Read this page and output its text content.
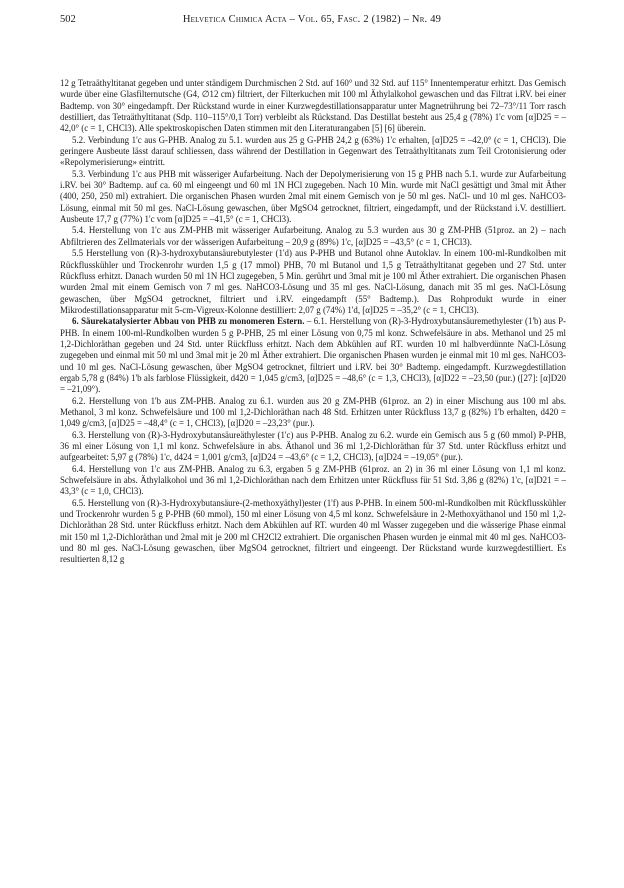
502	Helvetica Chimica Acta – Vol. 65, Fasc. 2 (1982) – Nr. 49

12 g Tetraäthyltitanat gegeben und unter ständigem Durchmischen 2 Std. auf 160° und 32 Std. auf 115° Innentemperatur erhitzt. Das Gemisch wurde über eine Glasfilternutsche (G4, ∅12 cm) filtriert, der Filterkuchen mit 100 ml Äthylalkohol gewaschen und das Filtrat i.RV. bei einer Badtemp. von 30° eingedampft. Der Rückstand wurde in einer Kurzwegdestillationsapparatur unter Magnetrührung bei 72–73°/11 Torr rasch destilliert, das Tetraäthyltitanat (Sdp. 110–115°/0,1 Torr) verbleibt als Rückstand. Das Destillat besteht aus 25,4 g (78%) 1'c vom [α]D25 = –42,0° (c = 1, CHCl3). Alle spektroskopischen Daten stimmen mit den Literaturangaben [5] [6] überein.

5.2. Verbindung 1'c aus G-PHB. Analog zu 5.1. wurden aus 25 g G-PHB 24,2 g (63%) 1'c erhalten, [α]D25 = –42,0° (c = 1, CHCl3). Die geringere Ausbeute lässt darauf schliessen, dass während der Destillation in Gegenwart des Tetraäthyltitanats zum Teil Crotonisierung oder «Repolymerisierung» eintritt.

5.3. Verbindung 1'c aus PHB mit wässeriger Aufarbeitung. Nach der Depolymerisierung von 15 g PHB nach 5.1. wurde zur Aufarbeitung i.RV. bei 30° Badtemp. auf ca. 60 ml eingeengt und 60 ml 1N HCl zugegeben. Nach 10 Min. wurde mit NaCl gesättigt und 3mal mit Äther (400, 250, 250 ml) extrahiert. Die organischen Phasen wurden 2mal mit einem Gemisch von je 50 ml ges. NaCl- und 10 ml ges. NaHCO3-Lösung, einmal mit 50 ml ges. NaCl-Lösung gewaschen, über MgSO4 getrocknet, filtriert, eingedampft, und der Rückstand i.V. destilliert. Ausbeute 17,7 g (77%) 1'c vom [α]D25 = –41,5° (c = 1, CHCl3).

5.4. Herstellung von 1'c aus ZM-PHB mit wässeriger Aufarbeitung. Analog zu 5.3 wurden aus 30 g ZM-PHB (51proz. an 2) – nach Abfiltrieren des Zellmaterials vor der wässerigen Aufarbeitung – 20,9 g (89%) 1'c, [α]D25 = –43,5° (c = 1, CHCl3).

5.5 Herstellung von (R)-3-hydroxybutansäurebutylester (1'd) aus P-PHB und Butanol ohne Autoklav. In einem 100-ml-Rundkolben mit Rückflusskühler und Trockenrohr wurden 1,5 g (17 mmol) PHB, 70 ml Butanol und 1,5 g Tetraäthyltitanat gegeben und 27 Std. unter Rückfluss erhitzt. Danach wurden 50 ml 1N HCl zugegeben, 5 Min. gerührt und 3mal mit je 100 ml Äther extrahiert. Die organischen Phasen wurden 2mal mit einem Gemisch von 7 ml ges. NaHCO3-Lösung und 35 ml ges. NaCl-Lösung, danach mit 35 ml ges. NaCl-Lösung gewaschen, über MgSO4 getrocknet, filtriert und i.RV. eingedampft (55° Badtemp.). Das Rohprodukt wurde in einer Mikrodestillationsapparatur mit 5-cm-Vigreux-Kolonne destilliert: 2,07 g (74%) 1'd, [α]D25 = –35,2° (c = 1, CHCl3).

6. Säurekatalysierter Abbau von PHB zu monomeren Estern. – 6.1. Herstellung von (R)-3-Hydroxybutansäuremethylester (1'b) aus P-PHB. In einem 100-ml-Rundkolben wurden 5 g P-PHB, 25 ml einer Lösung von 0,75 ml konz. Schwefelsäure in abs. Methanol und 25 ml 1,2-Dichloräthan gegeben und 24 Std. unter Rückfluss erhitzt. Nach dem Abkühlen auf RT. wurden 10 ml halbverdünnte NaCl-Lösung zugegeben und einmal mit 50 ml und 3mal mit je 20 ml Äther extrahiert. Die organischen Phasen wurden je einmal mit 10 ml ges. NaHCO3- und 10 ml ges. NaCl-Lösung gewaschen, über MgSO4 getrocknet, filtriert und i.RV. bei 30° Badtemp. eingedampft. Kurzwegdestillation ergab 5,78 g (84%) 1'b als farblose Flüssigkeit, d420 = 1,045 g/cm3, [α]D25 = –48,6° (c = 1,3, CHCl3), [α]D22 = –23,50 (pur.) ([27]: [α]D20 = –21,09°).

6.2. Herstellung von 1'b aus ZM-PHB. Analog zu 6.1. wurden aus 20 g ZM-PHB (61proz. an 2) in einer Mischung aus 100 ml abs. Methanol, 3 ml konz. Schwefelsäure und 100 ml 1,2-Dichloräthan nach 48 Std. Erhitzen unter Rückfluss 13,7 g (82%) 1'b erhalten, d420 = 1,049 g/cm3, [α]D25 = –48,4° (c = 1, CHCl3), [α]D20 = –23,23° (pur.).

6.3. Herstellung von (R)-3-Hydroxybutansäureäthylester (1'c) aus P-PHB. Analog zu 6.2. wurde ein Gemisch aus 5 g (60 mmol) P-PHB, 36 ml einer Lösung von 1,1 ml konz. Schwefelsäure in abs. Äthanol und 36 ml 1,2-Dichloräthan für 37 Std. unter Rückfluss erhitzt und aufgearbeitet: 5,97 g (78%) 1'c, d424 = 1,001 g/cm3, [α]D24 = –43,6° (c = 1,2, CHCl3), [α]D24 = –19,05° (pur.).

6.4. Herstellung von 1'c aus ZM-PHB. Analog zu 6.3, ergaben 5 g ZM-PHB (61proz. an 2) in 36 ml einer Lösung von 1,1 ml konz. Schwefelsäure in abs. Äthylalkohol und 36 ml 1,2-Dichloräthan nach dem Erhitzen unter Rückfluss für 51 Std. 3,86 g (82%) 1'c, [α]D21 = –43,3° (c = 1,0, CHCl3).

6.5. Herstellung von (R)-3-Hydroxybutansäure-(2-methoxyäthyl)ester (1'f) aus P-PHB. In einem 500-ml-Rundkolben mit Rückflusskühler und Trockenrohr wurden 5 g P-PHB (60 mmol), 150 ml einer Lösung von 4,5 ml konz. Schwefelsäure in 2-Methoxyäthanol und 150 ml 1,2-Dichloräthan 28 Std. unter Rückfluss erhitzt. Nach dem Abkühlen auf RT. wurden 40 ml Wasser zugegeben und die wässerige Phase einmal mit 150 ml 1,2-Dichloräthan und 2mal mit je 200 ml CH2Cl2 extrahiert. Die organischen Phasen wurden je einmal mit 40 ml ges. NaHCO3- und 80 ml ges. NaCl-Lösung gewaschen, über MgSO4 getrocknet, filtriert und eingeengt. Der Rückstand wurde kurzwegdestilliert. Es resultierten 8,12 g
